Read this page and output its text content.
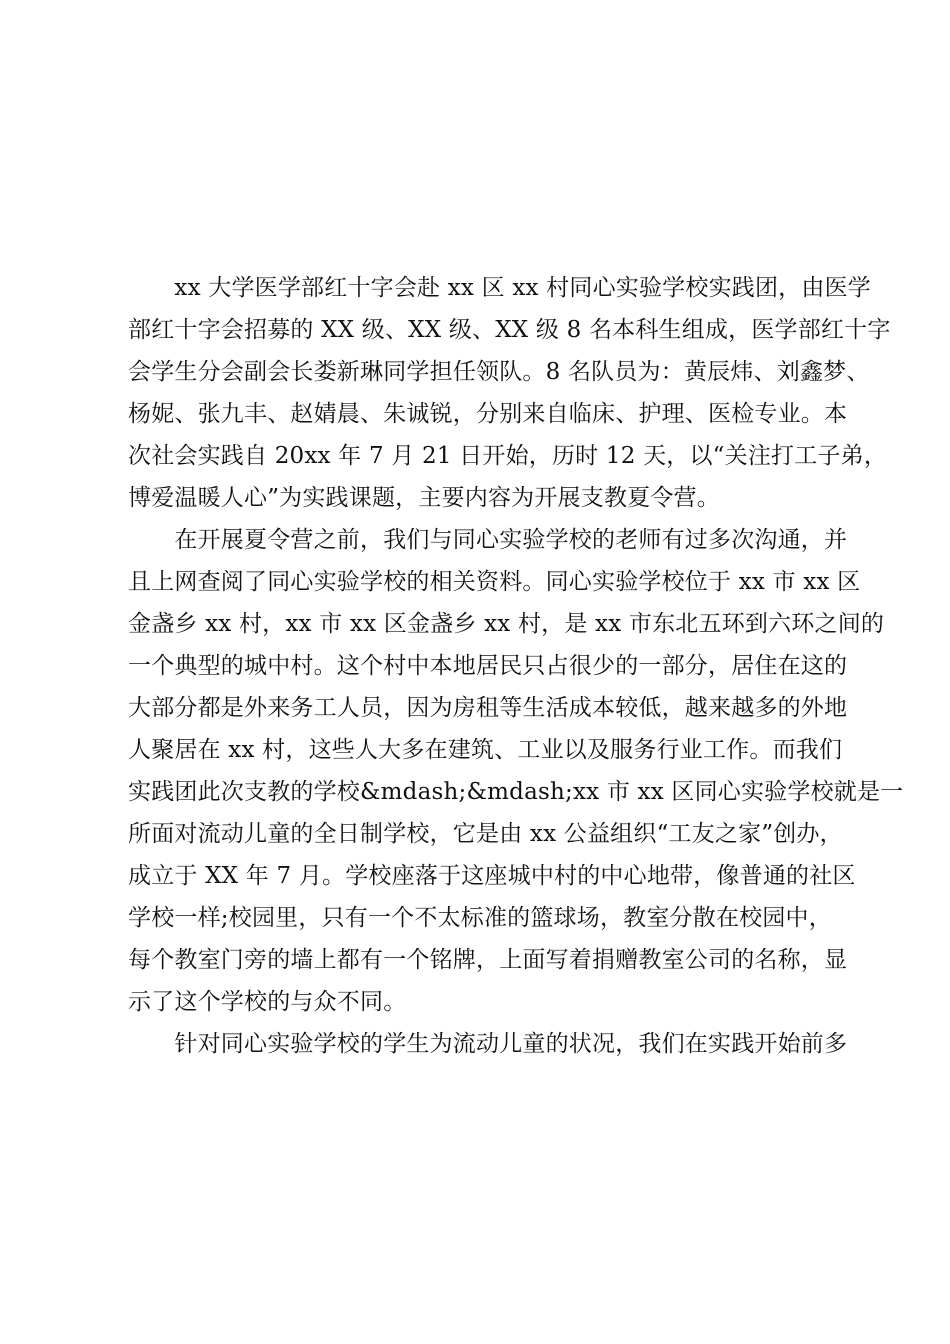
　　xx 大学医学部红十字会赴 xx 区 xx 村同心实验学校实践团，由医学
部红十字会招募的 XX 级、XX 级、XX 级 8 名本科生组成，医学部红十字
会学生分会副会长娄新琳同学担任领队。8 名队员为：黄辰炜、刘鑫梦、
杨妮、张九丰、赵婧晨、朱诚锐，分别来自临床、护理、医检专业。本
次社会实践自 20xx 年 7 月 21 日开始，历时 12 天，以“关注打工子弟，
博爱温暖人心”为实践课题，主要内容为开展支教夏令营。
　　在开展夏令营之前，我们与同心实验学校的老师有过多次沟通，并
且上网查阅了同心实验学校的相关资料。同心实验学校位于 xx 市 xx 区
金盏乡 xx 村，xx 市 xx 区金盏乡 xx 村，是 xx 市东北五环到六环之间的
一个典型的城中村。这个村中本地居民只占很少的一部分，居住在这的
大部分都是外来务工人员，因为房租等生活成本较低，越来越多的外地
人聚居在 xx 村，这些人大多在建筑、工业以及服务行业工作。而我们
实践团此次支教的学校&mdash;&mdash;xx 市 xx 区同心实验学校就是一
所面对流动儿童的全日制学校，它是由 xx 公益组织“工友之家”创办，
成立于 XX 年 7 月。学校座落于这座城中村的中心地带，像普通的社区
学校一样;校园里，只有一个不太标准的篮球场，教室分散在校园中，
每个教室门旁的墙上都有一个铭牌，上面写着捐赠教室公司的名称，显
示了这个学校的与众不同。
　　针对同心实验学校的学生为流动儿童的状况，我们在实践开始前多
